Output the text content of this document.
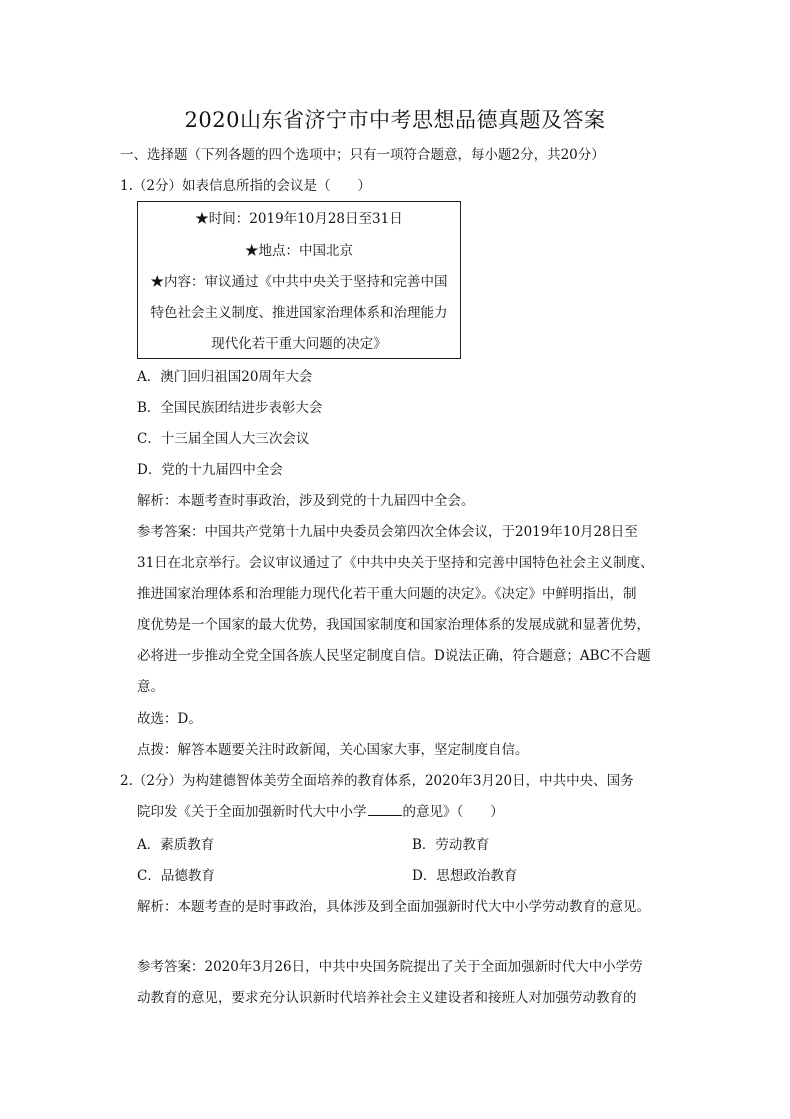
2020山东省济宁市中考思想品德真题及答案
一、选择题（下列各题的四个选项中；只有一项符合题意，每小题2分，共20分）
1.（2分）如表信息所指的会议是（　　）
★时间：2019年10月28日至31日
★地点：中国北京
★内容：审议通过《中共中央关于坚持和完善中国
特色社会主义制度、推进国家治理体系和治理能力
现代化若干重大问题的决定》
A．澳门回归祖国20周年大会
B．全国民族团结进步表彰大会
C．十三届全国人大三次会议
D．党的十九届四中全会
解析：本题考查时事政治，涉及到党的十九届四中全会。
参考答案：中国共产党第十九届中央委员会第四次全体会议，于2019年10月28日至
31日在北京举行。会议审议通过了《中共中央关于坚持和完善中国特色社会主义制度、
推进国家治理体系和治理能力现代化若干重大问题的决定》。《决定》中鲜明指出，制
度优势是一个国家的最大优势，我国国家制度和国家治理体系的发展成就和显著优势，
必将进一步推动全党全国各族人民坚定制度自信。D说法正确，符合题意；ABC不合题
意。
故选：D。
点拨：解答本题要关注时政新闻，关心国家大事，坚定制度自信。
2.（2分）为构建德智体美劳全面培养的教育体系，2020年3月20日，中共中央、国务
院印发《关于全面加强新时代大中小学	的意见》（　　）
A．素质教育	B．劳动教育
C．品德教育	D．思想政治教育
解析：本题考查的是时事政治，具体涉及到全面加强新时代大中小学劳动教育的意见。
参考答案：2020年3月26日，中共中央国务院提出了关于全面加强新时代大中小学劳
动教育的意见，要求充分认识新时代培养社会主义建设者和接班人对加强劳动教育的
